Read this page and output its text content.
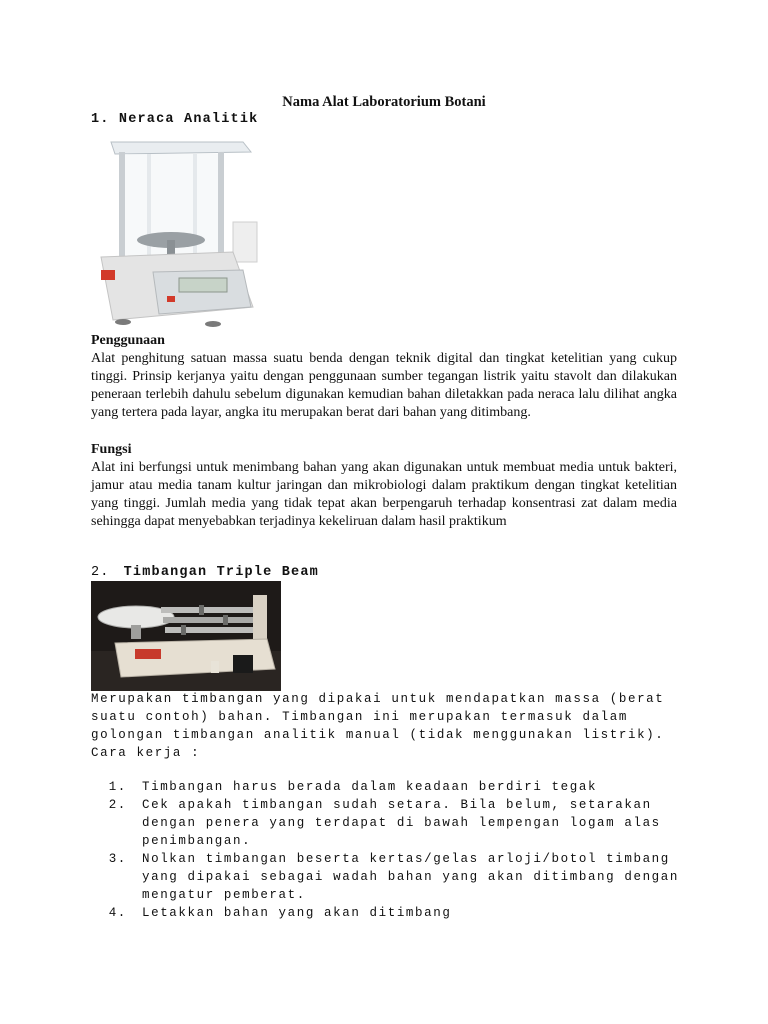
Nama Alat Laboratorium Botani
1. Neraca Analitik
Penggunaan

Alat penghitung satuan massa suatu benda dengan teknik digital dan tingkat ketelitian yang cukup tinggi. Prinsip kerjanya yaitu dengan penggunaan sumber tegangan listrik yaitu stavolt dan dilakukan peneraan terlebih dahulu sebelum digunakan kemudian bahan diletakkan pada neraca lalu dilihat angka yang tertera pada layar, angka itu merupakan berat dari bahan yang ditimbang.

Fungsi

Alat ini berfungsi untuk menimbang bahan yang akan digunakan untuk membuat media untuk bakteri, jamur atau media tanam kultur jaringan dan mikrobiologi dalam praktikum dengan tingkat ketelitian yang tinggi. Jumlah media yang tidak tepat akan berpengaruh terhadap konsentrasi zat dalam media sehingga dapat menyebabkan terjadinya kekeliruan dalam hasil praktikum

2. Timbangan Triple Beam

Merupakan timbangan yang dipakai untuk mendapatkan massa (berat suatu contoh) bahan. Timbangan ini merupakan termasuk dalam golongan timbangan analitik manual (tidak menggunakan listrik). Cara kerja :

1. Timbangan harus berada dalam keadaan berdiri tegak
2. Cek apakah timbangan sudah setara. Bila belum, setarakan dengan penera yang terdapat di bawah lempengan logam alas penimbangan.
3. Nolkan timbangan beserta kertas/gelas arloji/botol timbang yang dipakai sebagai wadah bahan yang akan ditimbang dengan mengatur pemberat.
4. Letakkan bahan yang akan ditimbang
